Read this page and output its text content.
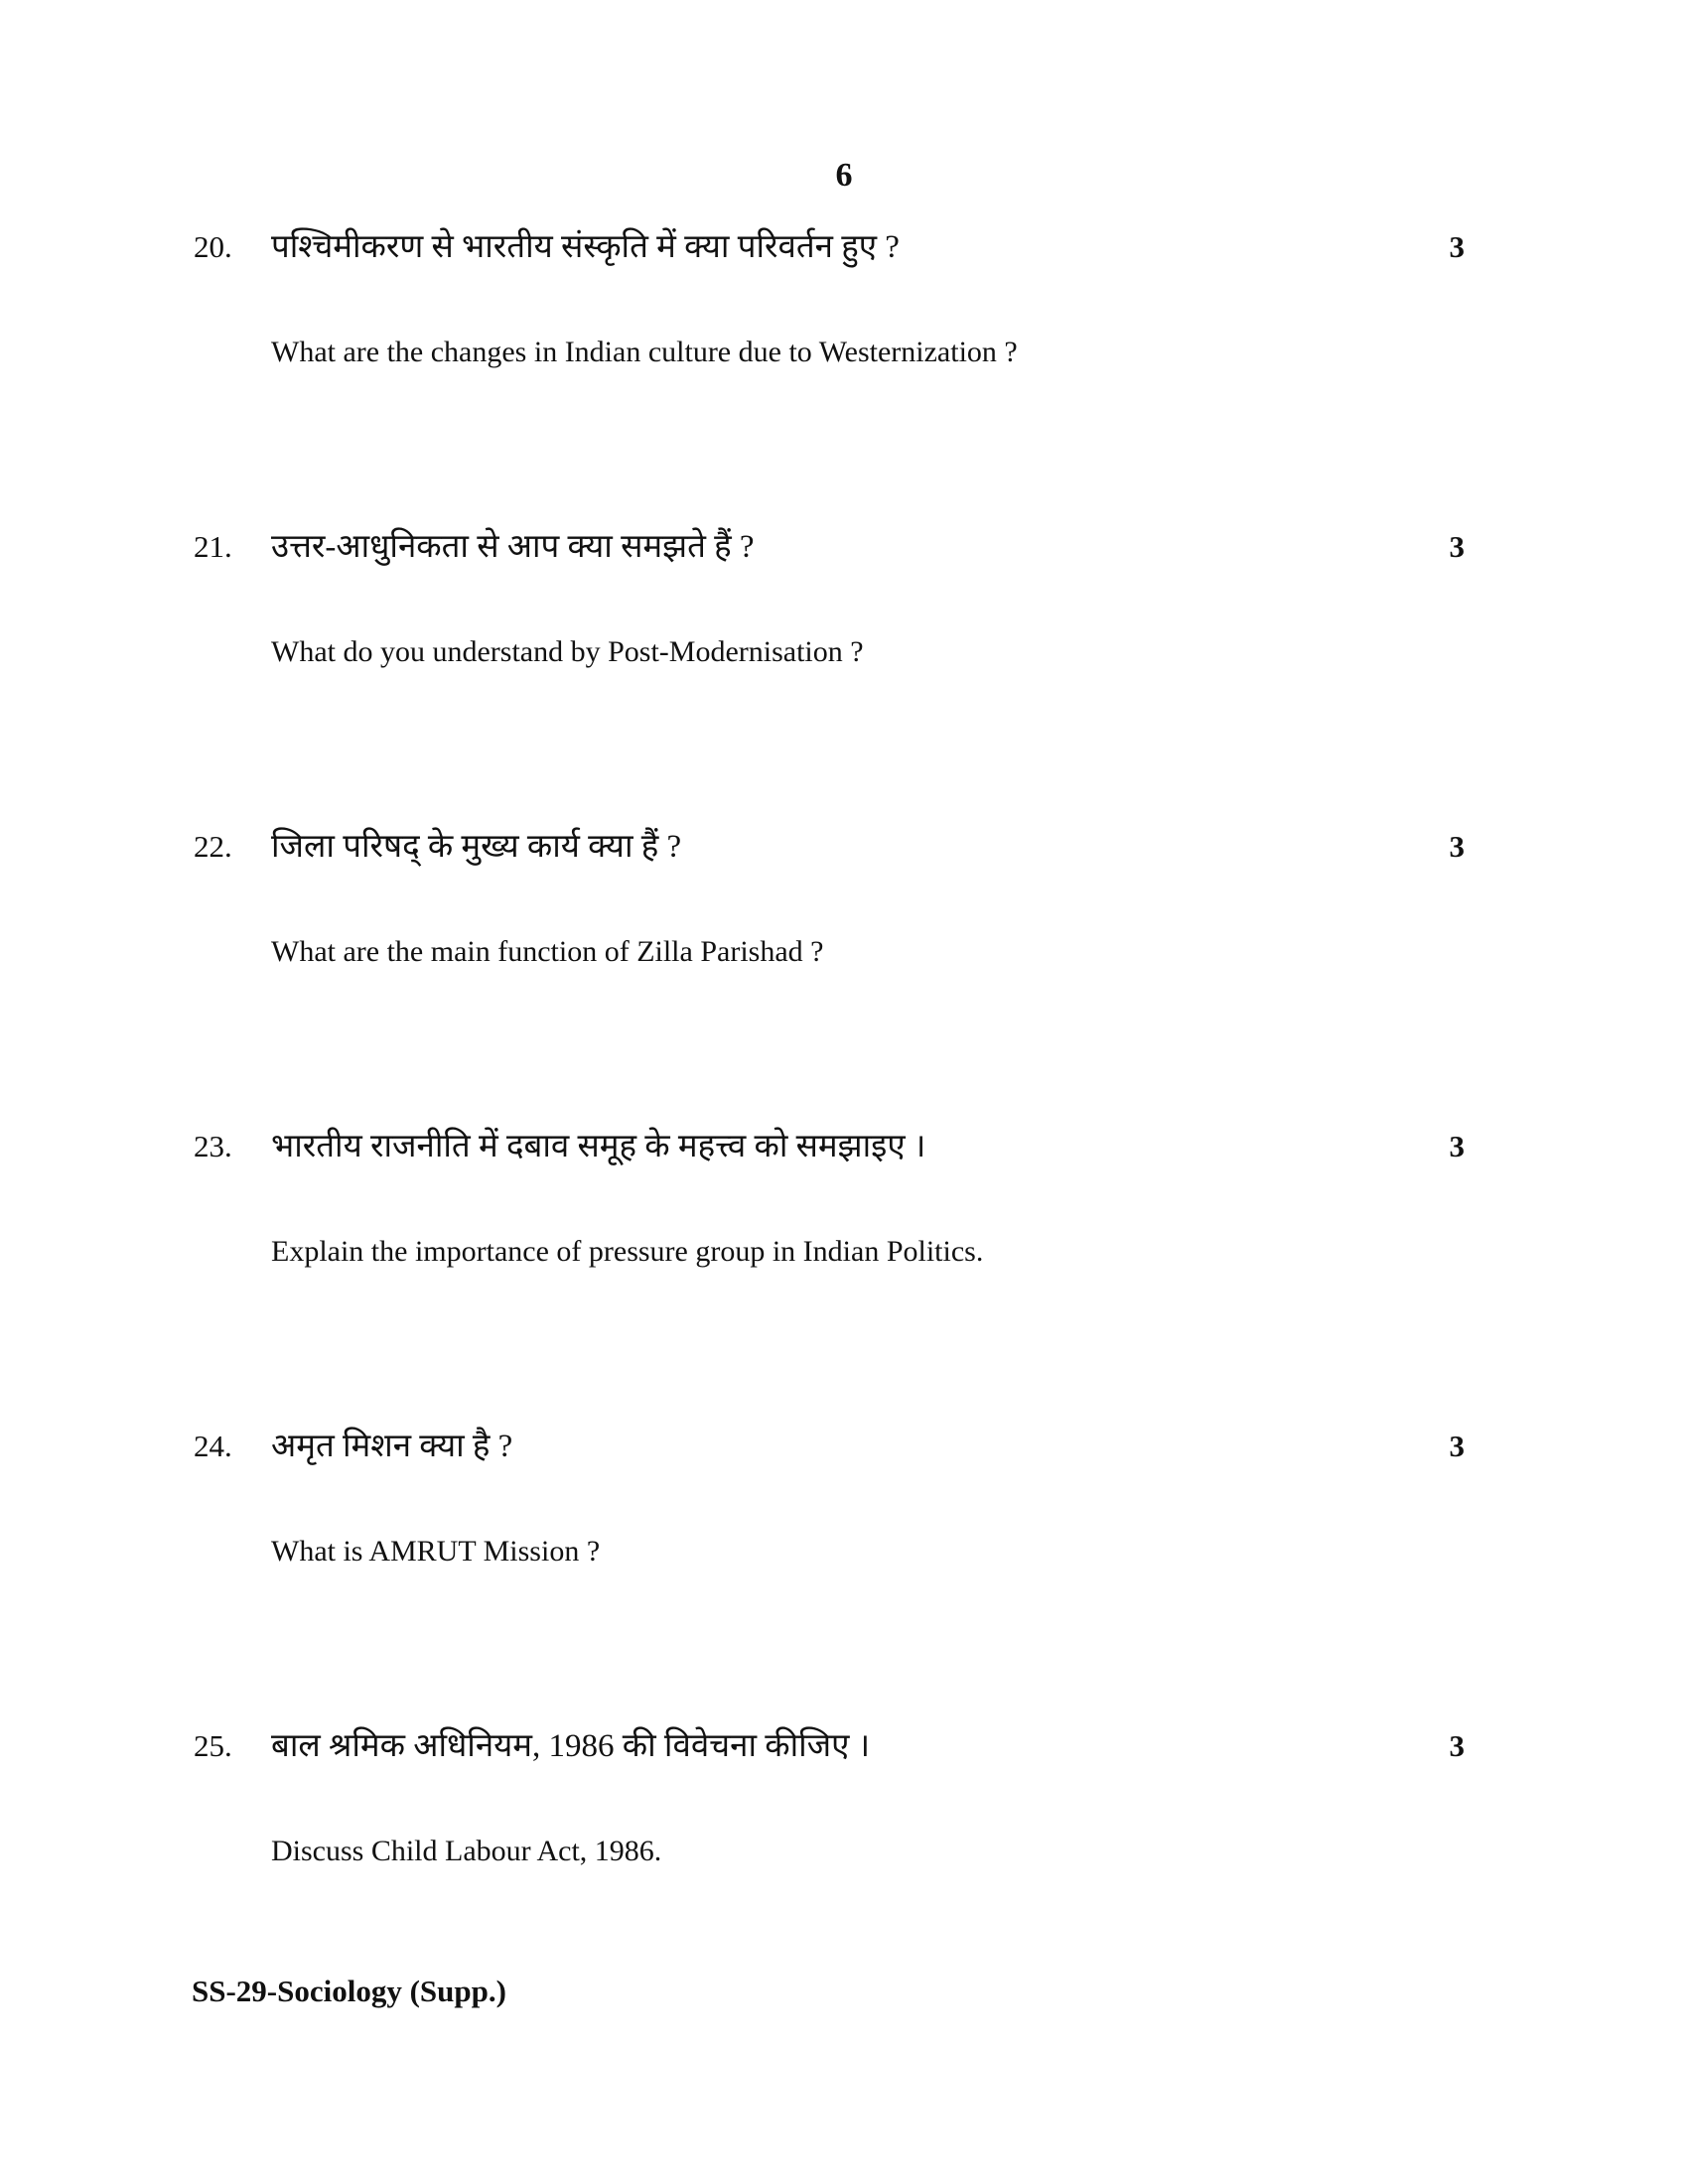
6
20.	पश्चिमीकरण से भारतीय संस्कृति में क्या परिवर्तन हुए ?	3
What are the changes in Indian culture due to Westernization ?
21.	उत्तर-आधुनिकता से आप क्या समझते हैं ?	3
What do you understand by Post-Modernisation ?
22.	जिला परिषद् के मुख्य कार्य क्या हैं ?	3
What are the main function of Zilla Parishad ?
23.	भारतीय राजनीति में दबाव समूह के महत्त्व को समझाइए ।	3
Explain the importance of pressure group in Indian Politics.
24.	अमृत मिशन क्या है ?	3
What is AMRUT Mission ?
25.	बाल श्रमिक अधिनियम, 1986 की विवेचना कीजिए ।	3
Discuss Child Labour Act, 1986.
SS-29-Sociology (Supp.)
